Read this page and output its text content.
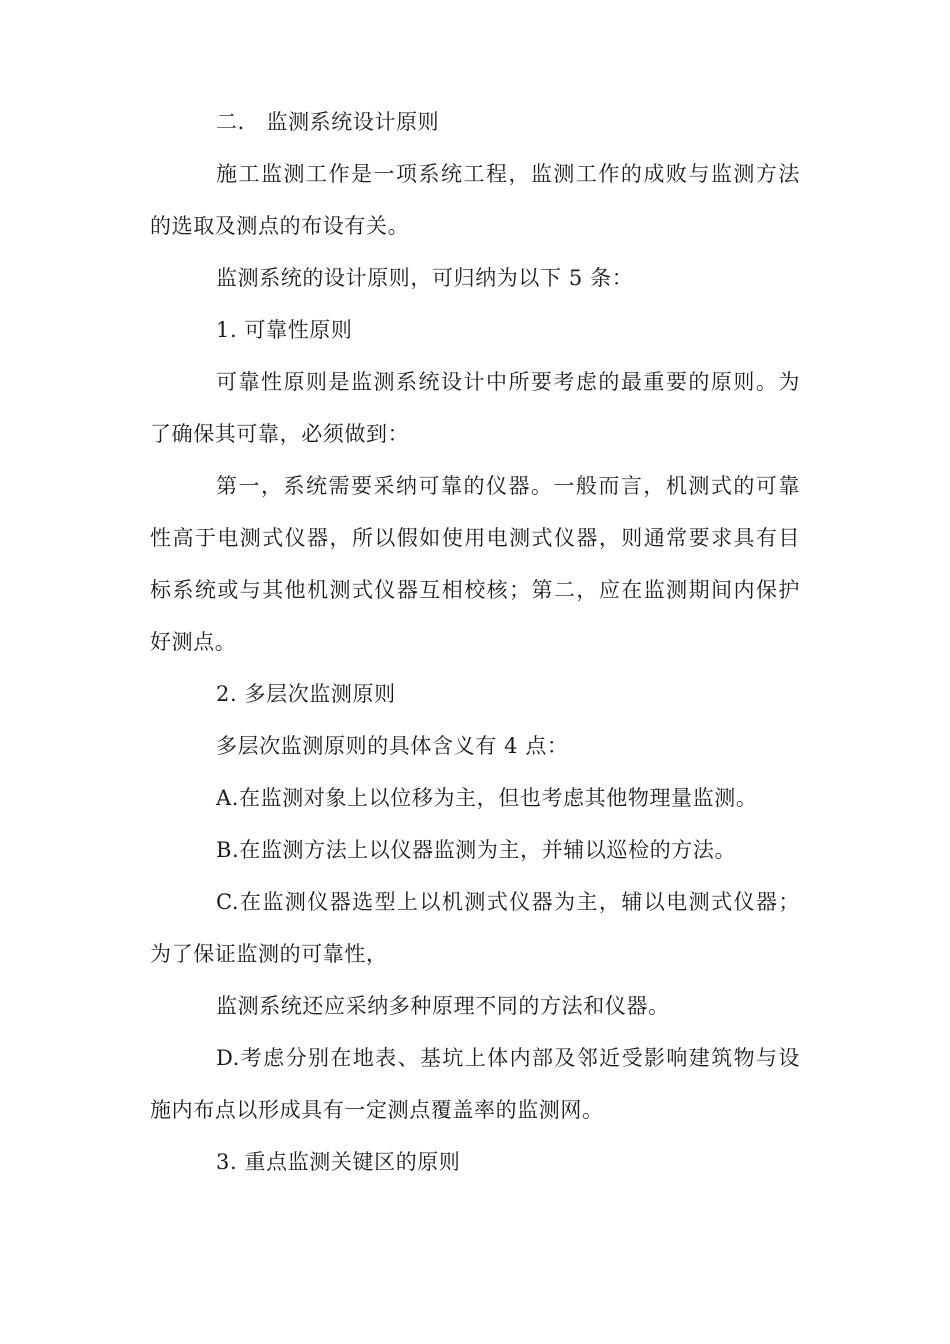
二． 监测系统设计原则
施工监测工作是一项系统工程，监测工作的成败与监测方法
的选取及测点的布设有关。
监测系统的设计原则，可归纳为以下 5 条：
1. 可靠性原则
可靠性原则是监测系统设计中所要考虑的最重要的原则。为
了确保其可靠，必须做到：
第一，系统需要采纳可靠的仪器。一般而言，机测式的可靠
性高于电测式仪器，所以假如使用电测式仪器，则通常要求具有目
标系统或与其他机测式仪器互相校核；第二，应在监测期间内保护
好测点。
2. 多层次监测原则
多层次监测原则的具体含义有 4 点：
A.在监测对象上以位移为主，但也考虑其他物理量监测。
B.在监测方法上以仪器监测为主，并辅以巡检的方法。
C.在监测仪器选型上以机测式仪器为主，辅以电测式仪器；
为了保证监测的可靠性，
监测系统还应采纳多种原理不同的方法和仪器。
D.考虑分别在地表、基坑上体内部及邻近受影响建筑物与设
施内布点以形成具有一定测点覆盖率的监测网。
3. 重点监测关键区的原则
